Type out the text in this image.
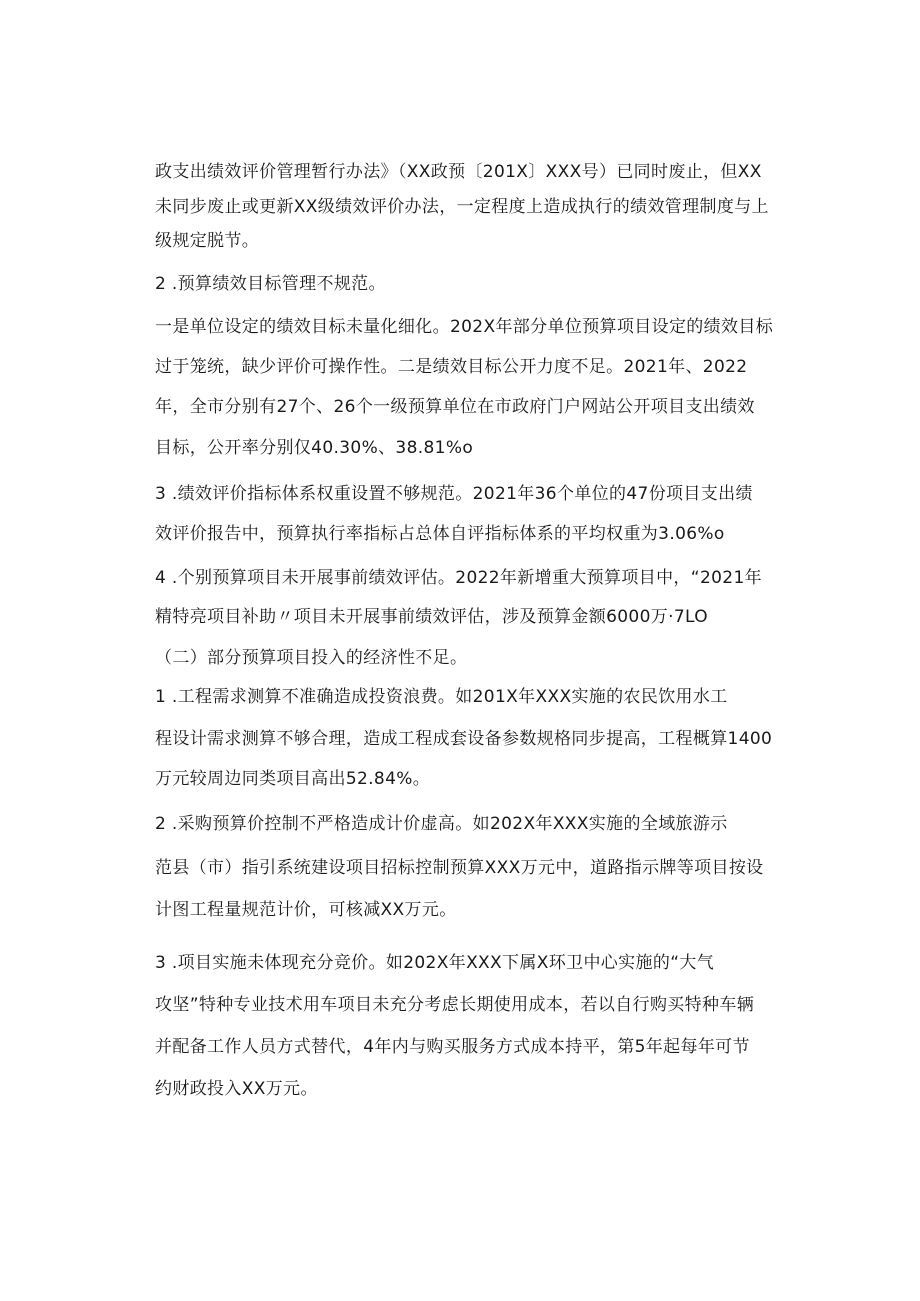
政支出绩效评价管理暂行办法》（XX政预〔201X〕XXX号）已同时废止，但XX
未同步废止或更新XX级绩效评价办法，一定程度上造成执行的绩效管理制度与上
级规定脱节。
2 .预算绩效目标管理不规范。
一是单位设定的绩效目标未量化细化。202X年部分单位预算项目设定的绩效目标
过于笼统，缺少评价可操作性。二是绩效目标公开力度不足。2021年、2022
年，全市分别有27个、26个一级预算单位在市政府门户网站公开项目支出绩效
目标，公开率分别仅40.30%、38.81%o
3 .绩效评价指标体系权重设置不够规范。2021年36个单位的47份项目支出绩
效评价报告中，预算执行率指标占总体自评指标体系的平均权重为3.06%o
4 .个别预算项目未开展事前绩效评估。2022年新增重大预算项目中，“2021年
精特亮项目补助〃项目未开展事前绩效评估，涉及预算金额6000万·7LO
（二）部分预算项目投入的经济性不足。
1 .工程需求测算不准确造成投资浪费。如201X年XXX实施的农民饮用水工
程设计需求测算不够合理，造成工程成套设备参数规格同步提高，工程概算1400
万元较周边同类项目高出52.84%。
2 .采购预算价控制不严格造成计价虚高。如202X年XXX实施的全域旅游示
范县（市）指引系统建设项目招标控制预算XXX万元中，道路指示牌等项目按设
计图工程量规范计价，可核减XX万元。
3 .项目实施未体现充分竞价。如202X年XXX下属X环卫中心实施的“大气
攻坚”特种专业技术用车项目未充分考虑长期使用成本，若以自行购买特种车辆
并配备工作人员方式替代，4年内与购买服务方式成本持平，第5年起每年可节
约财政投入XX万元。
